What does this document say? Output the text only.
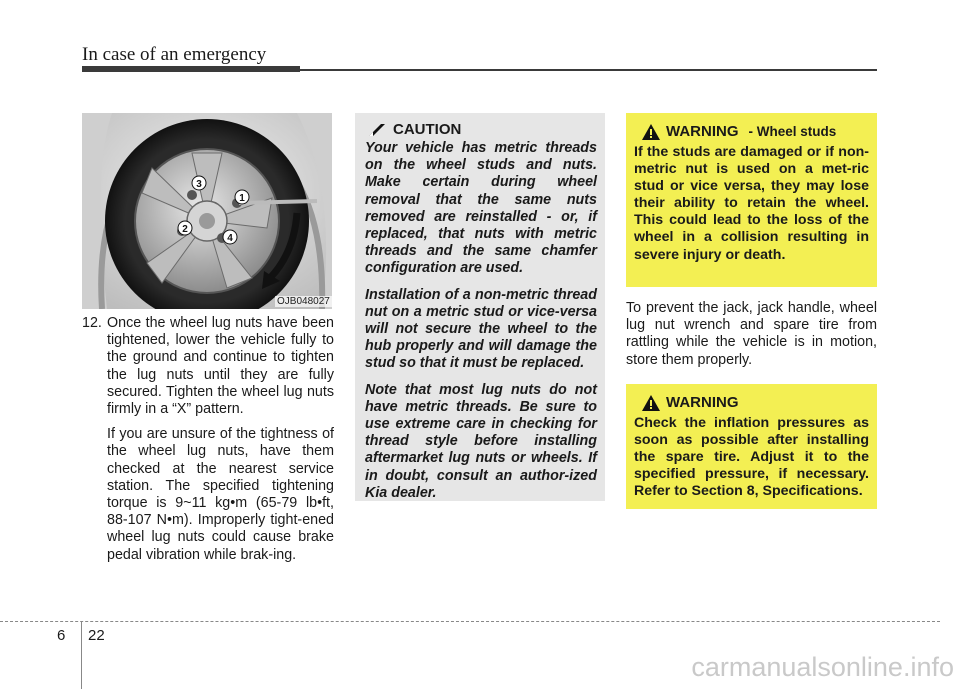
In case of an emergency
1
2
3
4
OJB048027
12. Once the wheel lug nuts have been tightened, lower the vehicle fully to the ground and continue to tighten the lug nuts until they are fully secured. Tighten the wheel lug nuts firmly in a “X” pattern.

If you are unsure of the tightness of the wheel lug nuts, have them checked at the nearest service station. The specified tightening torque is 9~11 kg•m (65-79 lb•ft, 88-107 N•m). Improperly tight-ened wheel lug nuts could cause brake pedal vibration while brak-ing.

CAUTION

Your vehicle has metric threads on the wheel studs and nuts. Make certain during wheel removal that the same nuts removed are reinstalled - or, if replaced, that nuts with metric threads and the same chamfer configuration are used.

Installation of a non-metric thread nut on a metric stud or vice-versa will not secure the wheel to the hub properly and will damage the stud so that it must be replaced.

Note that most lug nuts do not have metric threads. Be sure to use extreme care in checking for thread style before installing aftermarket lug nuts or wheels. If in doubt, consult an author-ized Kia dealer.

WARNING - Wheel studs

If the studs are damaged or if non-metric nut is used on a met-ric stud or vice versa, they may lose their ability to retain the wheel. This could lead to the loss of the wheel in a collision resulting in severe injury or death.

To prevent the jack, jack handle, wheel lug nut wrench and spare tire from rattling while the vehicle is in motion, store them properly.
WARNING

Check the inflation pressures as soon as possible after installing the spare tire. Adjust it to the specified pressure, if necessary. Refer to Section 8, Specifications.

6 22
carmanualsonline.info
